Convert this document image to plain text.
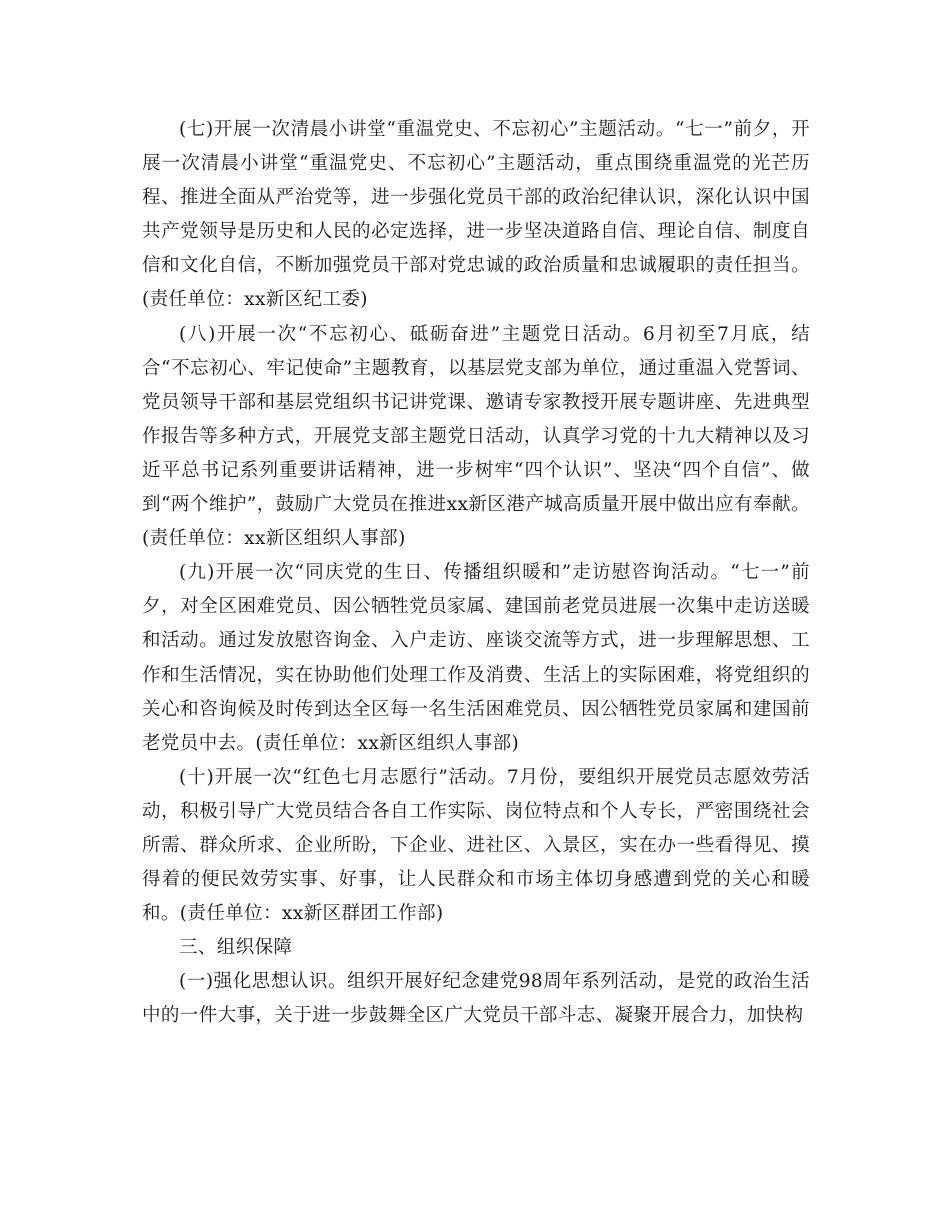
(七)开展一次清晨小讲堂“重温党史、不忘初心”主题活动。“七一”前夕，开展一次清晨小讲堂“重温党史、不忘初心”主题活动，重点围绕重温党的光芒历程、推进全面从严治党等，进一步强化党员干部的政治纪律认识，深化认识中国共产党领导是历史和人民的必定选择，进一步坚决道路自信、理论自信、制度自信和文化自信，不断加强党员干部对党忠诚的政治质量和忠诚履职的责任担当。(责任单位：xx新区纪工委)

(八)开展一次“不忘初心、砥砺奋进”主题党日活动。6月初至7月底，结合“不忘初心、牢记使命”主题教育，以基层党支部为单位，通过重温入党誓词、党员领导干部和基层党组织书记讲党课、邀请专家教授开展专题讲座、先进典型作报告等多种方式，开展党支部主题党日活动，认真学习党的十九大精神以及习近平总书记系列重要讲话精神，进一步树牢“四个认识”、坚决“四个自信”、做到“两个维护”，鼓励广大党员在推进xx新区港产城高质量开展中做出应有奉献。(责任单位：xx新区组织人事部)

(九)开展一次“同庆党的生日、传播组织暖和”走访慰咨询活动。“七一”前夕，对全区困难党员、因公牺牲党员家属、建国前老党员进展一次集中走访送暖和活动。通过发放慰咨询金、入户走访、座谈交流等方式，进一步理解思想、工作和生活情况，实在协助他们处理工作及消费、生活上的实际困难，将党组织的关心和咨询候及时传到达全区每一名生活困难党员、因公牺牲党员家属和建国前老党员中去。(责任单位：xx新区组织人事部)

(十)开展一次“红色七月志愿行”活动。7月份，要组织开展党员志愿效劳活动，积极引导广大党员结合各自工作实际、岗位特点和个人专长，严密围绕社会所需、群众所求、企业所盼，下企业、进社区、入景区，实在办一些看得见、摸得着的便民效劳实事、好事，让人民群众和市场主体切身感遭到党的关心和暖和。(责任单位：xx新区群团工作部)

三、组织保障

(一)强化思想认识。组织开展好纪念建党98周年系列活动，是党的政治生活中的一件大事，关于进一步鼓舞全区广大党员干部斗志、凝聚开展合力，加快构
